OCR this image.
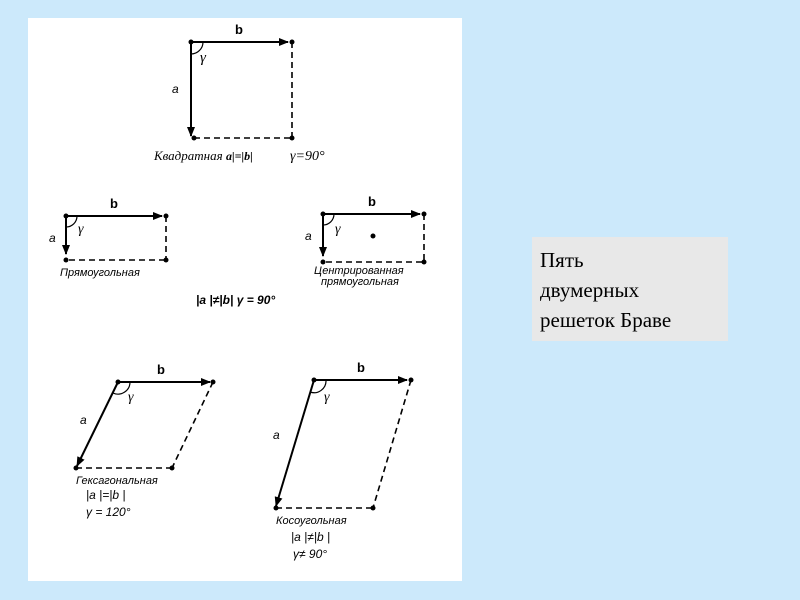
b
a
γ
Квадратная a|=|b|	γ=90°
b
a
γ
Прямоугольная
b
a γ
Центрированная
прямоугольная
|a |≠|b| γ = 90°
b
a
γ
Гексагональная
|a |=|b |
γ = 120°
b
a
γ
Косоугольная
|a |≠|b |
γ≠ 90°
Пять
двумерных
решеток Браве
